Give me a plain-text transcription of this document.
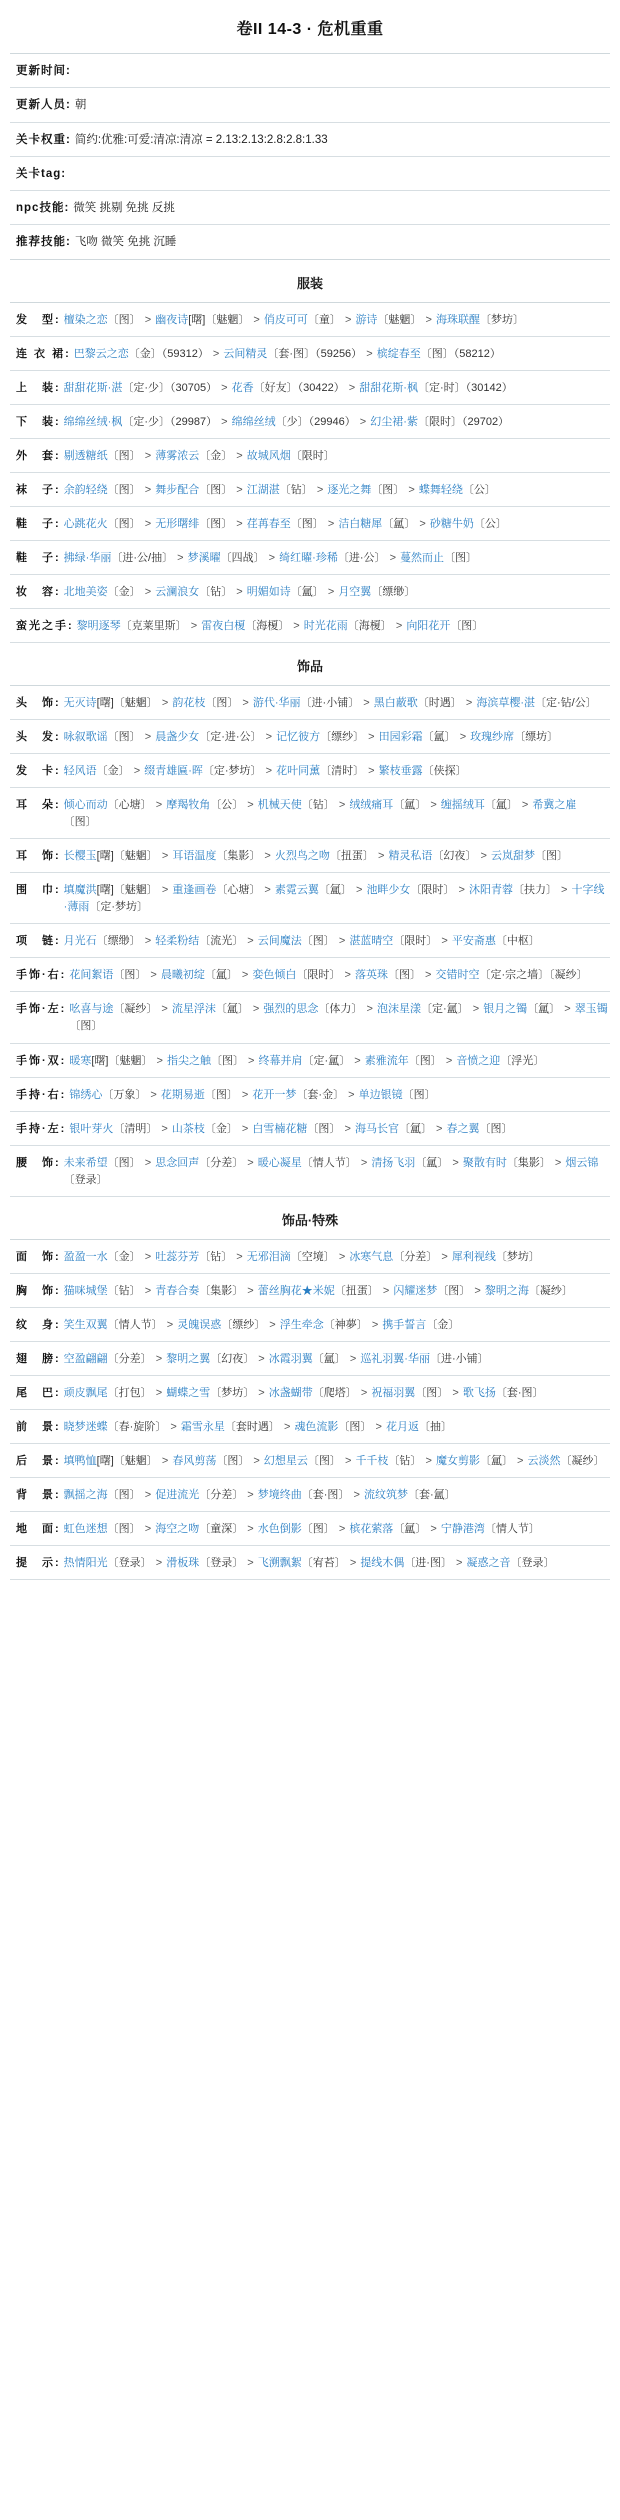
卷II 14-3 · 危机重重
更新时间:
更新人员: 朝
关卡权重: 简约:优雅:可爱:清凉:清凉 = 2.13:2.13:2.8:2.8:1.33
关卡tag:
npc技能: 微笑 挑剔 免挑 反挑
推荐技能: 飞吻 微笑 免挑 沉睡
服装
发　型: 檀染之恋〔图〕 > 幽夜诗[曙]〔魅魍〕 > 俏皮可可〔童〕 > 游诗〔魅魍〕 > 海珠联醒〔梦坊〕
连 衣 裙: 巴黎云之恋〔金〕（59312） > 云间精灵〔套·图〕（59256） > 槟绽春至〔图〕（58212）
上　装: 甜甜花斯·湛〔定·少〕（30705） > 花香〔好友〕（30422） > 甜甜花斯·枫〔定·时〕（30142）
下　装: 绵绵丝绒·枫〔定·少〕（29987） > 绵绵丝绒〔少〕（29946） > 幻尘裙·紫〔限时〕（29702）
外　套: 剔透糖纸〔图〕 > 薄雾浓云〔金〕 > 故城风烟〔限时〕
袜　子: 余韵轻绕〔图〕 > 舞步配合〔图〕 > 江湖湛〔钻〕 > 逐光之舞〔图〕 > 蝶舞轻绕〔公〕
鞋　子: 心跳花火〔图〕 > 无形曙绯〔图〕 > 荏苒春至〔图〕 > 洁白糖犀〔氲〕 > 砂糖牛奶〔公〕
鞋　子: 拂绿·华丽〔进·公/抽〕 > 梦溪曜〔四战〕 > 绮红曜·珍稀〔进·公〕 > 蔓然而止〔图〕
妆　容: 北地美姿〔金〕 > 云澜浪女〔钻〕 > 明媚如诗〔氲〕 > 月空翼〔缥缈〕
蛮光之手: 黎明逐琴〔克莱里斯〕 > 雷夜白榎〔海榎〕 > 时光花雨〔海榎〕 > 向阳花开〔图〕
饰品
头　饰: 无灭诗[曙]〔魅魍〕 > 韵花枝〔图〕 > 游代·华丽〔进·小铺〕 > 黑白蔽歌〔时遇〕 > 海滨草樱·湛〔定·钻/公〕
头　发: 咏叙歌谣〔图〕 > 晨盏少女〔定·进·公〕 > 记忆彼方〔缥纱〕 > 田园彩霜〔氲〕 > 玫瑰纱席〔缥坊〕
发　卡: 轻风语〔金〕 > 缀青雄匾·晖〔定·梦坊〕 > 花叶同薰〔清时〕 > 繁枝垂露〔侠探〕
耳　朵: 倾心而动〔心塘〕 > 摩羯牧角〔公〕 > 机械天使〔钻〕 > 绒绒痛耳〔氲〕 > 缠摇绒耳〔氲〕 > 希冀之雇〔图〕
耳　饰: 长樱玉[曙]〔魅魍〕 > 耳语温度〔集影〕 > 火烈鸟之吻〔扭蛋〕 > 精灵私语〔幻夜〕 > 云岚甜梦〔图〕
围　巾: 填魔洪[曙]〔魅魍〕 > 重逢画卷〔心塘〕 > 素霓云翼〔氲〕 > 池畔少女〔限时〕 > 沐阳青蓉〔扶力〕 > 十字线·薄雨〔定·梦坊〕
项　链: 月光石〔缥缈〕 > 轻柔粉结〔流光〕 > 云间魔法〔图〕 > 湛蓝晴空〔限时〕 > 平安斋惠〔中枢〕
手饰·右: 花间絮语〔图〕 > 晨曦初绽〔氲〕 > 娈色倾白〔限时〕 > 落英珠〔图〕 > 交错时空〔定·宗之墙〕〔凝纱〕
手饰·左: 吆喜与途〔凝纱〕 > 流星浮沫〔氲〕 > 强烈的思念〔体力〕 > 泡沫星漾〔定·氲〕 > 银月之镯〔氲〕 > 翠玉镯〔图〕
手饰·双: 暖寒[曙]〔魅魍〕 > 指尖之触〔图〕 > 终幕并肩〔定·氲〕 > 素雅流年〔图〕 > 音愤之迎〔浮光〕
手持·右: 锦绣心〔万象〕 > 花期易逝〔图〕 > 花开一梦〔套·金〕 > 单边银镜〔图〕
手持·左: 银叶芽火〔清明〕 > 山茶枝〔金〕 > 白雪楠花糖〔图〕 > 海马长官〔氲〕 > 春之翼〔图〕
腰　饰: 未来希望〔图〕 > 思念回声〔分差〕 > 暖心凝星〔情人节〕 > 清扬飞羽〔氲〕 > 聚散有时〔集影〕 > 烟云锦〔登录〕
饰品·特殊
面　饰: 盈盈一水〔金〕 > 吐蕊芬芳〔钻〕 > 无邪泪滴〔空境〕 > 冰寒气息〔分差〕 > 犀利视线〔梦坊〕
胸　饰: 猫咪城堡〔钻〕 > 青春合奏〔集影〕 > 蕾丝胸花★米妮〔扭蛋〕 > 闪耀迷梦〔图〕 > 黎明之海〔凝纱〕
纹　身: 笑生双翼〔情人节〕 > 灵魄误惑〔缥纱〕 > 浮生牵念〔神夢〕 > 携手誓言〔金〕
翅　膀: 空盈翩翩〔分差〕 > 黎明之翼〔幻夜〕 > 冰霞羽翼〔氲〕 > 巡礼羽翼·华丽〔进·小铺〕
尾　巴: 顽皮飘尾〔打包〕 > 蝴蝶之雪〔梦坊〕 > 冰盏蝴带〔爬塔〕 > 祝福羽翼〔图〕 > 歌飞扬〔套·图〕
前　景: 晓梦迷蝶〔春·旋阶〕 > 霜雪永星〔套时遇〕 > 魂色流影〔图〕 > 花月返〔抽〕
后　景: 填鸭恤[曙]〔魅魍〕 > 春风剪荡〔图〕 > 幻想星云〔图〕 > 千千枝〔钻〕 > 魔女剪影〔氲〕 > 云淡然〔凝纱〕
背　景: 飘摇之海〔图〕 > 促进流光〔分差〕 > 梦境终曲〔套·图〕 > 流纹筑梦〔套·氲〕
地　面: 虹色迷想〔图〕 > 海空之吻〔童深〕 > 水色倒影〔图〕 > 槟花萦落〔氲〕 > 宁静港湾〔情人节〕
提　示: 热情阳光〔登录〕 > 滑板珠〔登录〕 > 飞溯飘絮〔宥苔〕 > 提线木偶〔进·图〕 > 凝惑之音〔登录〕
